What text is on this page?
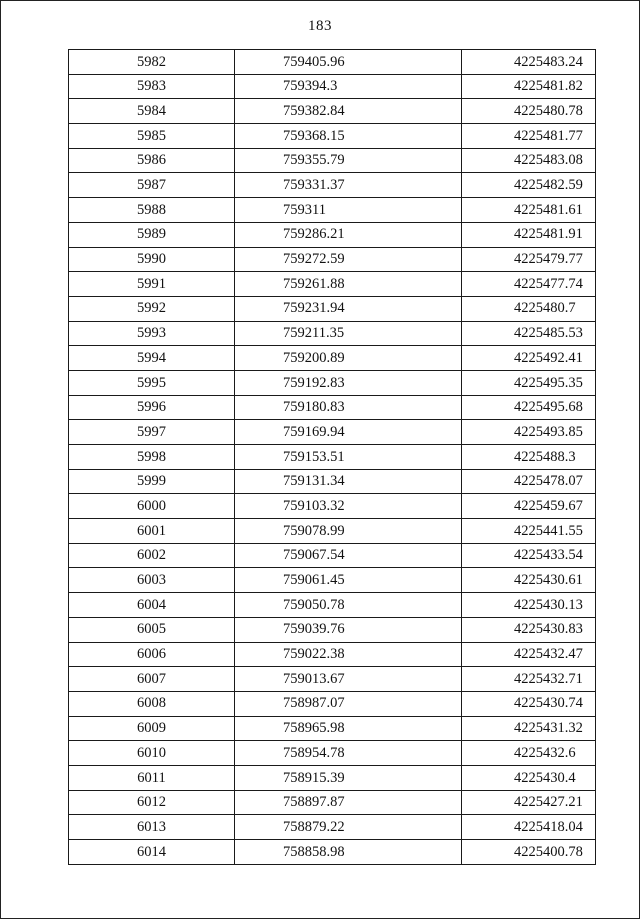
183
5982	759405.96	4225483.24
5983	759394.3	4225481.82
5984	759382.84	4225480.78
5985	759368.15	4225481.77
5986	759355.79	4225483.08
5987	759331.37	4225482.59
5988	759311	4225481.61
5989	759286.21	4225481.91
5990	759272.59	4225479.77
5991	759261.88	4225477.74
5992	759231.94	4225480.7
5993	759211.35	4225485.53
5994	759200.89	4225492.41
5995	759192.83	4225495.35
5996	759180.83	4225495.68
5997	759169.94	4225493.85
5998	759153.51	4225488.3
5999	759131.34	4225478.07
6000	759103.32	4225459.67
6001	759078.99	4225441.55
6002	759067.54	4225433.54
6003	759061.45	4225430.61
6004	759050.78	4225430.13
6005	759039.76	4225430.83
6006	759022.38	4225432.47
6007	759013.67	4225432.71
6008	758987.07	4225430.74
6009	758965.98	4225431.32
6010	758954.78	4225432.6
6011	758915.39	4225430.4
6012	758897.87	4225427.21
6013	758879.22	4225418.04
6014	758858.98	4225400.78
